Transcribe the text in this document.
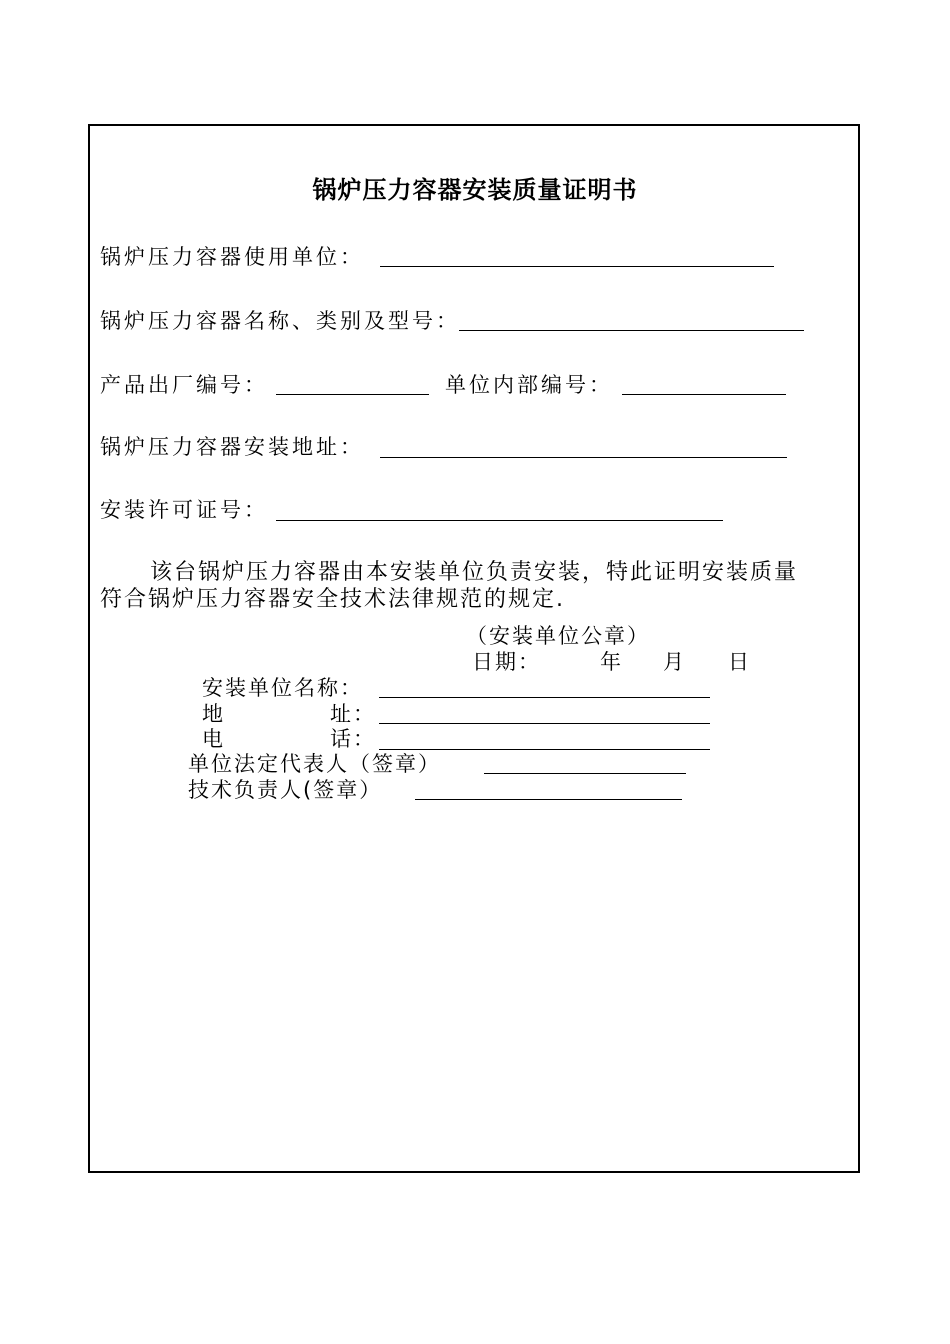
锅炉压力容器安装质量证明书
锅炉压力容器使用单位：
锅炉压力容器名称、类别及型号：
产品出厂编号：	单位内部编号：
锅炉压力容器安装地址：
安装许可证号：
该台锅炉压力容器由本安装单位负责安装，特此证明安装质量
符合锅炉压力容器安全技术法律规范的规定.
（安装单位公章）
日期：	年 月 日
安装单位名称：
地	址：
电	话：
单位法定代表人（签章）
技术负责人(签章）
